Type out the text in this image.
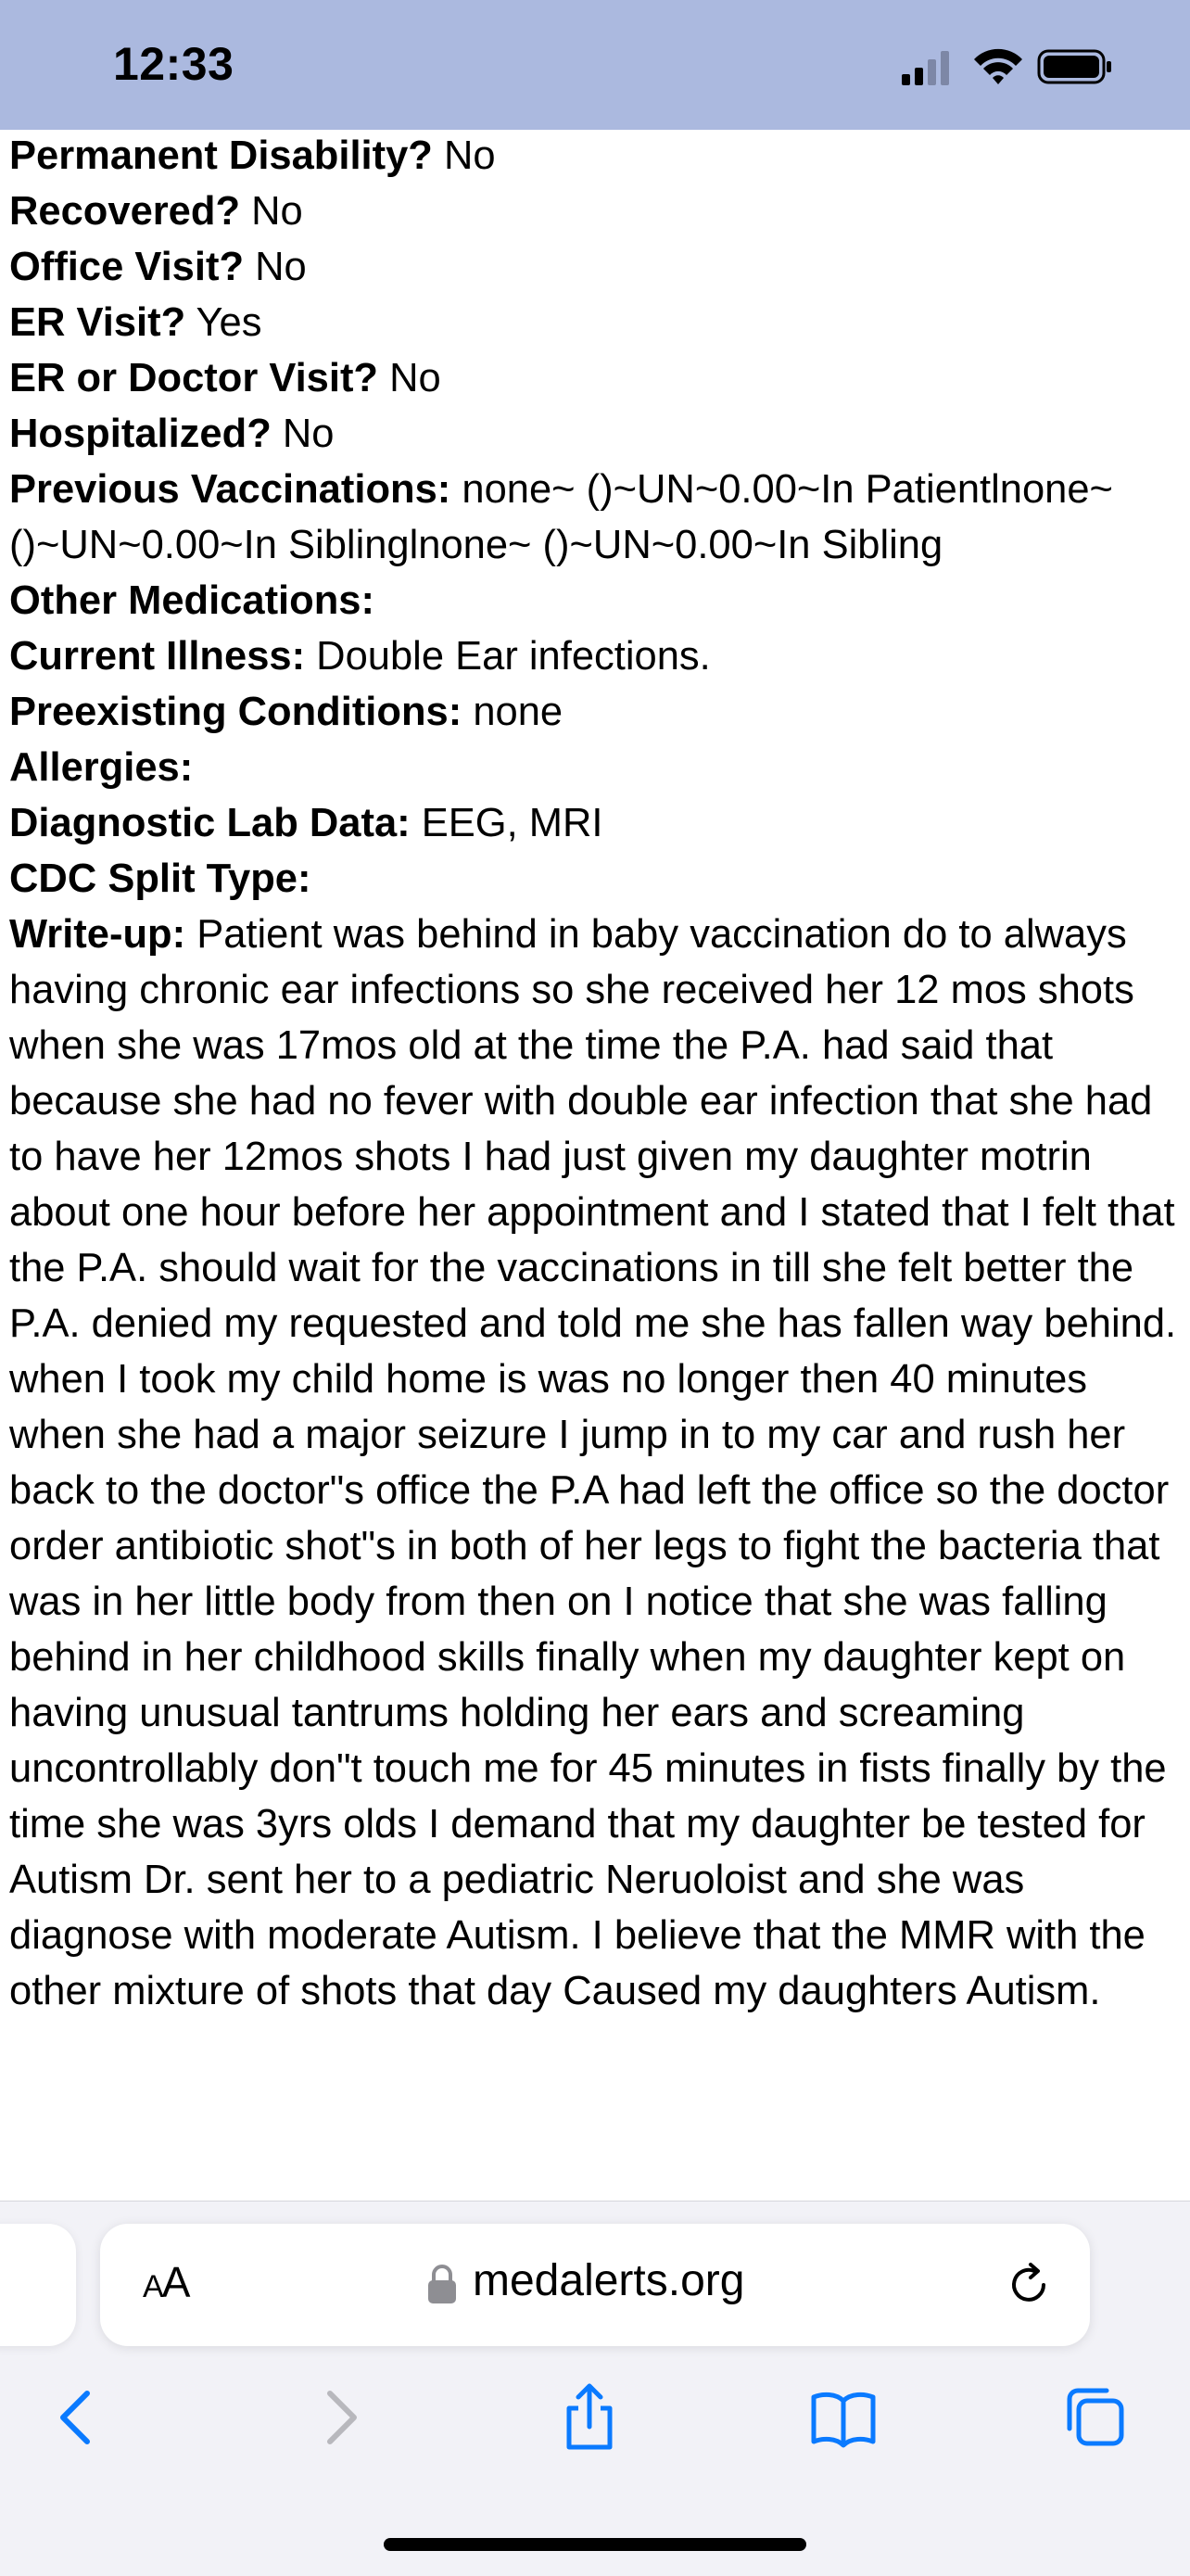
12:33
Permanent Disability? No
Recovered? No
Office Visit? No
ER Visit? Yes
ER or Doctor Visit? No
Hospitalized? No
Previous Vaccinations: none~ ()~UN~0.00~In Patientlnone~ ()~UN~0.00~In Siblinglnone~ ()~UN~0.00~In Sibling
Other Medications:
Current Illness: Double Ear infections.
Preexisting Conditions: none
Allergies:
Diagnostic Lab Data: EEG, MRI
CDC Split Type:
Write-up: Patient was behind in baby vaccination do to always having chronic ear infections so she received her 12 mos shots when she was 17mos old at the time the P.A. had said that because she had no fever with double ear infection that she had to have her 12mos shots I had just given my daughter motrin about one hour before her appointment and I stated that I felt that the P.A. should wait for the vaccinations in till she felt better the P.A. denied my requested and told me she has fallen way behind. when I took my child home is was no longer then 40 minutes when she had a major seizure I jump in to my car and rush her back to the doctor"s office the P.A had left the office so the doctor order antibiotic shot"s in both of her legs to fight the bacteria that was in her little body from then on I notice that she was falling behind in her childhood skills finally when my daughter kept on having unusual tantrums holding her ears and screaming uncontrollably don"t touch me for 45 minutes in fists finally by the time she was 3yrs olds I demand that my daughter be tested for Autism Dr. sent her to a pediatric Neruoloist and she was diagnose with moderate Autism. I believe that the MMR with the other mixture of shots that day Caused my daughters Autism.
AA	medalerts.org
